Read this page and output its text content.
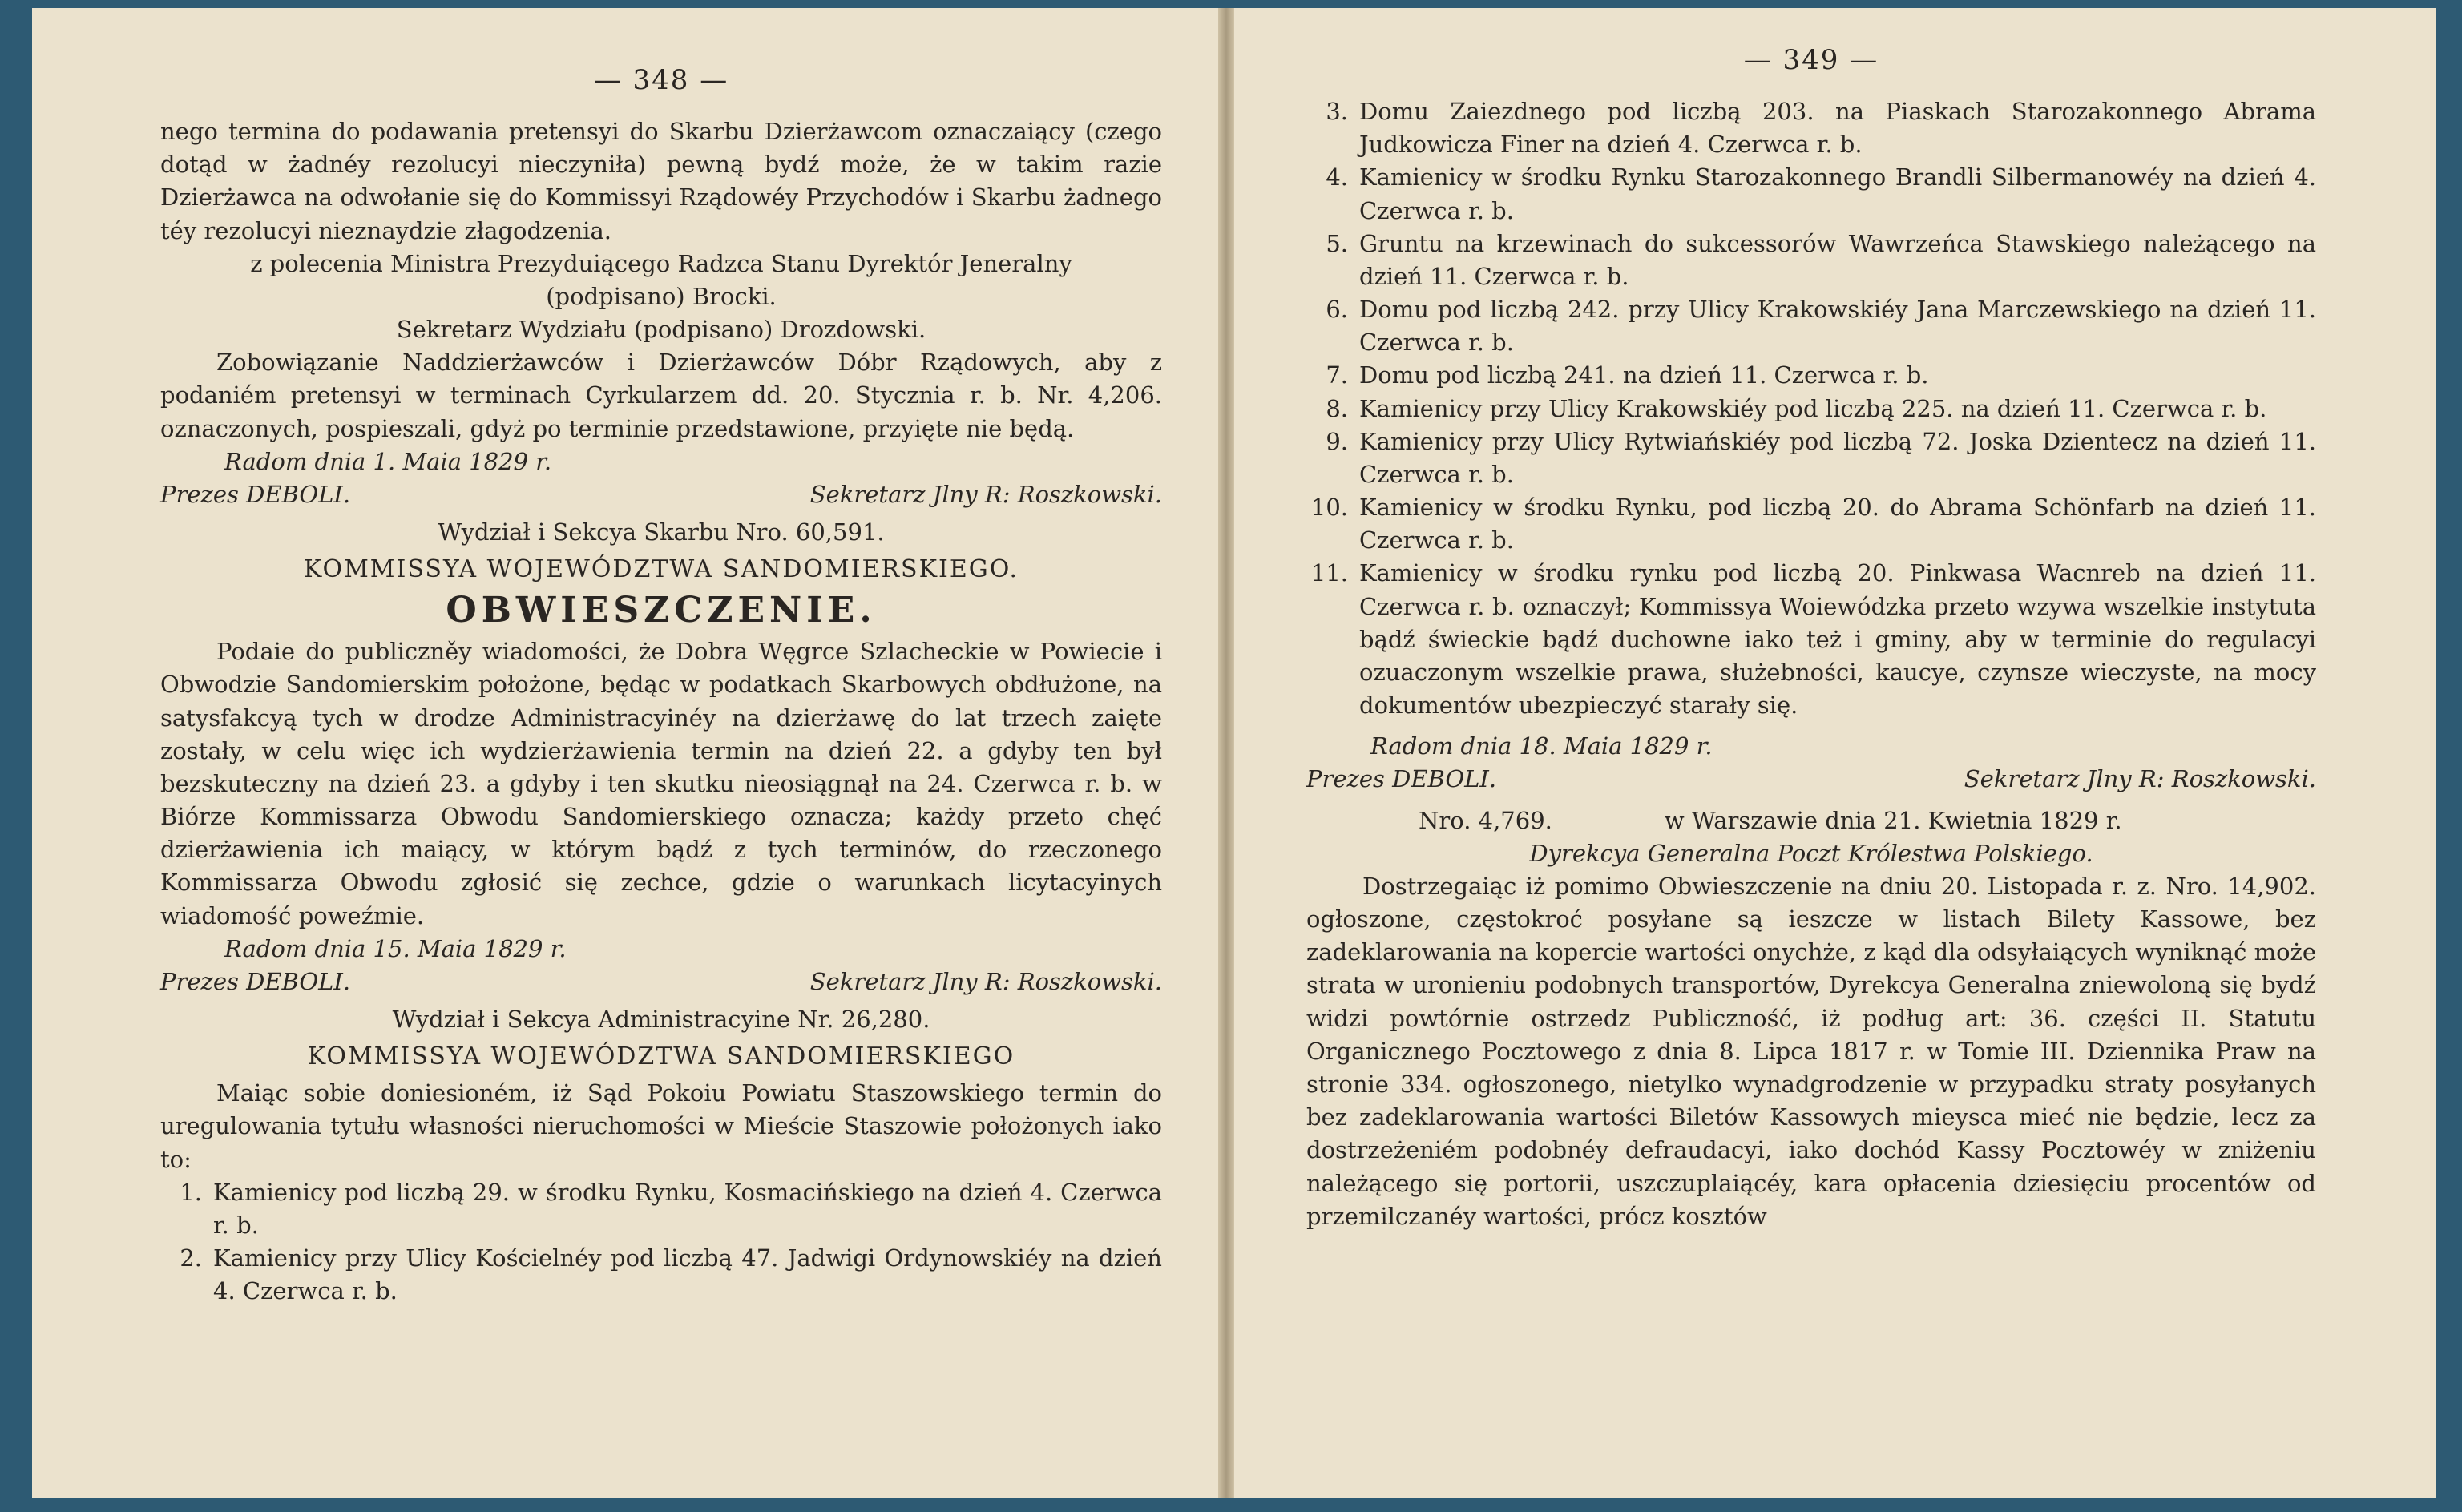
— 348 —

nego termina do podawania pretensyi do Skarbu Dzierżawcom oznaczaiący (czego dotąd w żadnéy rezolucyi nieczyniła) pewną bydź może, że w takim razie Dzierżawca na odwołanie się do Kommissyi Rządowéy Przychodów i Skarbu żadnego téy rezolucyi nieznaydzie złagodzenia.

z polecenia Ministra Prezyduiącego Radzca Stanu Dyrektór Jeneralny

(podpisano) Brocki.

Sekretarz Wydziału (podpisano) Drozdowski.

Zobowiązanie Naddzierżawców i Dzierżawców Dóbr Rządowych, aby z podaniém pretensyi w terminach Cyrkularzem dd. 20. Stycznia r. b. Nr. 4,206. oznaczonych, pospieszali, gdyż po terminie przedstawione, przyięte nie będą.

Radom dnia 1. Maia 1829 r.

Prezes DEBOLI.	Sekretarz Jlny R: Roszkowski.

Wydział i Sekcya Skarbu Nro. 60,591.

KOMMISSYA WOJEWÓDZTWA SANDOMIERSKIEGO.

OBWIESZCZENIE.

Podaie do publiczněy wiadomości, że Dobra Węgrce Szlacheckie w Powiecie i Obwodzie Sandomierskim położone, będąc w podatkach Skarbowych obdłużone, na satysfakcyą tych w drodze Administracyinéy na dzierżawę do lat trzech zaięte zostały, w celu więc ich wydzierżawienia termin na dzień 22. a gdyby ten był bezskuteczny na dzień 23. a gdyby i ten skutku nieosiągnął na 24. Czerwca r. b. w Biórze Kommissarza Obwodu Sandomierskiego oznacza; każdy przeto chęć dzierżawienia ich maiący, w którym bądź z tych terminów, do rzeczonego Kommissarza Obwodu zgłosić się zechce, gdzie o warunkach licytacyinych wiadomość poweźmie.

Radom dnia 15. Maia 1829 r.

Prezes DEBOLI.	Sekretarz Jlny R: Roszkowski.

Wydział i Sekcya Administracyine Nr. 26,280.

KOMMISSYA WOJEWÓDZTWA SANDOMIERSKIEGO

Maiąc sobie doniesioném, iż Sąd Pokoiu Powiatu Staszowskiego termin do uregulowania tytułu własności nieruchomości w Mieście Staszowie położonych iako to:

1. Kamienicy pod liczbą 29. w środku Rynku, Kosmacińskiego na dzień 4. Czerwca r. b.
2. Kamienicy przy Ulicy Kościelnéy pod liczbą 47. Jadwigi Ordynowskiéy na dzień 4. Czerwca r. b.
— 349 —
3. Domu Zaiezdnego pod liczbą 203. na Piaskach Starozakonnego Abrama Judkowicza Finer na dzień 4. Czerwca r. b.
4. Kamienicy w środku Rynku Starozakonnego Brandli Silbermanowéy na dzień 4. Czerwca r. b.
5. Gruntu na krzewinach do sukcessorów Wawrzeńca Stawskiego należącego na dzień 11. Czerwca r. b.
6. Domu pod liczbą 242. przy Ulicy Krakowskiéy Jana Marczewskiego na dzień 11. Czerwca r. b.
7. Domu pod liczbą 241. na dzień 11. Czerwca r. b.
8. Kamienicy przy Ulicy Krakowskiéy pod liczbą 225. na dzień 11. Czerwca r. b.
9. Kamienicy przy Ulicy Rytwiańskiéy pod liczbą 72. Joska Dzientecz na dzień 11. Czerwca r. b.
10. Kamienicy w środku Rynku, pod liczbą 20. do Abrama Schönfarb na dzień 11. Czerwca r. b.
11. Kamienicy w środku rynku pod liczbą 20. Pinkwasa Wacnreb na dzień 11. Czerwca r. b. oznaczył; Kommissya Woiewódzka przeto wzywa wszelkie instytuta bądź świeckie bądź duchowne iako też i gminy, aby w terminie do regulacyi ozuaczonym wszelkie prawa, służebności, kaucye, czynsze wieczyste, na mocy dokumentów ubezpieczyć starały się.

Radom dnia 18. Maia 1829 r.

Prezes DEBOLI.	Sekretarz Jlny R: Roszkowski.
Nro. 4,769.	w Warszawie dnia 21. Kwietnia 1829 r.

Dyrekcya Generalna Poczt Królestwa Polskiego.

Dostrzegaiąc iż pomimo Obwieszczenie na dniu 20. Listopada r. z. Nro. 14,902. ogłoszone, częstokroć posyłane są ieszcze w listach Bilety Kassowe, bez zadeklarowania na kopercie wartości onychże, z kąd dla odsyłaiących wyniknąć może strata w uronieniu podobnych transportów, Dyrekcya Generalna zniewoloną się bydź widzi powtórnie ostrzedz Publiczność, iż podług art: 36. części II. Statutu Organicznego Pocztowego z dnia 8. Lipca 1817 r. w Tomie III. Dziennika Praw na stronie 334. ogłoszonego, nietylko wynadgrodzenie w przypadku straty posyłanych bez zadeklarowania wartości Biletów Kassowych mieysca mieć nie będzie, lecz za dostrzeżeniém podobnéy defraudacyi, iako dochód Kassy Pocztowéy w zniżeniu należącego się portorii, uszczuplaiącéy, kara opłacenia dziesięciu procentów od przemilczanéy wartości, prócz kosztów
